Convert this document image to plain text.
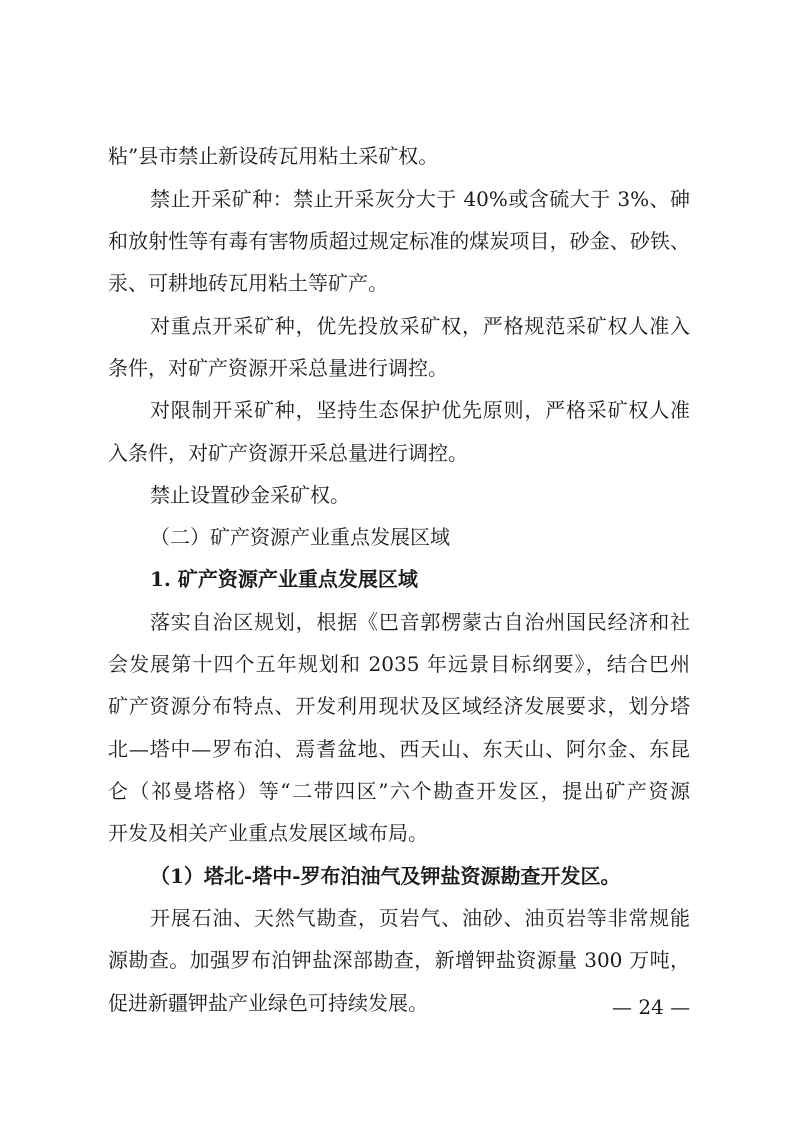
粘”县市禁止新设砖瓦用粘土采矿权。
禁止开采矿种：禁止开采灰分大于 40%或含硫大于 3%、砷
和放射性等有毒有害物质超过规定标准的煤炭项目，砂金、砂铁、
汞、可耕地砖瓦用粘土等矿产。
对重点开采矿种，优先投放采矿权，严格规范采矿权人准入
条件，对矿产资源开采总量进行调控。
对限制开采矿种，坚持生态保护优先原则，严格采矿权人准
入条件，对矿产资源开采总量进行调控。
禁止设置砂金采矿权。
（二）矿产资源产业重点发展区域
1. 矿产资源产业重点发展区域
落实自治区规划，根据《巴音郭楞蒙古自治州国民经济和社
会发展第十四个五年规划和 2035 年远景目标纲要》，结合巴州
矿产资源分布特点、开发利用现状及区域经济发展要求，划分塔
北—塔中—罗布泊、焉耆盆地、西天山、东天山、阿尔金、东昆
仑（祁曼塔格）等“二带四区”六个勘查开发区，提出矿产资源
开发及相关产业重点发展区域布局。
（1）塔北-塔中-罗布泊油气及钾盐资源勘查开发区。
开展石油、天然气勘查，页岩气、油砂、油页岩等非常规能
源勘查。加强罗布泊钾盐深部勘查，新增钾盐资源量 300 万吨，
促进新疆钾盐产业绿色可持续发展。	— 24 —
